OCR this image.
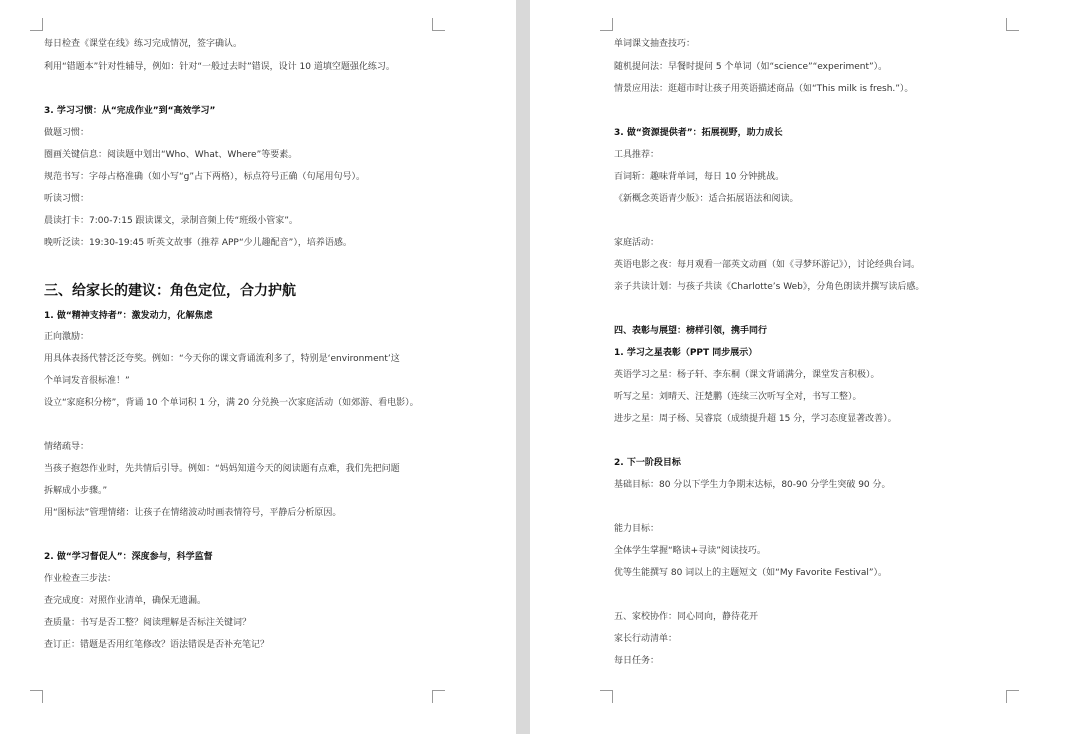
每日检查《课堂在线》练习完成情况，签字确认。
利用“错题本”针对性辅导，例如：针对“一般过去时”错误，设计 10 道填空题强化练习。
3. 学习习惯：从“完成作业”到“高效学习”
做题习惯：
圈画关键信息：阅读题中划出“Who、What、Where”等要素。
规范书写：字母占格准确（如小写“g”占下两格），标点符号正确（句尾用句号）。
听读习惯：
晨读打卡：7:00-7:15 跟读课文，录制音频上传“班级小管家”。
晚听泛读：19:30-19:45 听英文故事（推荐 APP“少儿趣配音”），培养语感。
三、给家长的建议：角色定位，合力护航
1. 做“精神支持者”：激发动力，化解焦虑
正向激励：
用具体表扬代替泛泛夸奖。例如：“今天你的课文背诵流利多了，特别是‘environment’这
个单词发音很标准！”
设立“家庭积分榜”，背诵 10 个单词积 1 分，满 20 分兑换一次家庭活动（如郊游、看电影）。
情绪疏导：
当孩子抱怨作业时，先共情后引导。例如：“妈妈知道今天的阅读题有点难，我们先把问题
拆解成小步骤。”
用“图标法”管理情绪：让孩子在情绪波动时画表情符号，平静后分析原因。
2. 做“学习督促人”：深度参与，科学监督
作业检查三步法：
查完成度：对照作业清单，确保无遗漏。
查质量：书写是否工整？阅读理解是否标注关键词？
查订正：错题是否用红笔修改？语法错误是否补充笔记？
单词课文抽查技巧：
随机提问法：早餐时提问 5 个单词（如“science”“experiment”）。
情景应用法：逛超市时让孩子用英语描述商品（如“This milk is fresh.”）。
3. 做“资源提供者”：拓展视野，助力成长
工具推荐：
百词斩：趣味背单词，每日 10 分钟挑战。
《新概念英语青少版》：适合拓展语法和阅读。
家庭活动：
英语电影之夜：每月观看一部英文动画（如《寻梦环游记》），讨论经典台词。
亲子共读计划：与孩子共读《Charlotte’s Web》，分角色朗读并撰写读后感。
四、表彰与展望：榜样引领，携手同行
1. 学习之星表彰（PPT 同步展示）
英语学习之星：杨子轩、李东桐（课文背诵满分，课堂发言积极）。
听写之星：刘晴天、汪楚鹏（连续三次听写全对，书写工整）。
进步之星：周子杨、吴睿宸（成绩提升超 15 分，学习态度显著改善）。
2. 下一阶段目标
基础目标：80 分以下学生力争期末达标，80-90 分学生突破 90 分。
能力目标：
全体学生掌握“略读+寻读”阅读技巧。
优等生能撰写 80 词以上的主题短文（如“My Favorite Festival”）。
五、家校协作：同心同向，静待花开
家长行动清单：
每日任务：
